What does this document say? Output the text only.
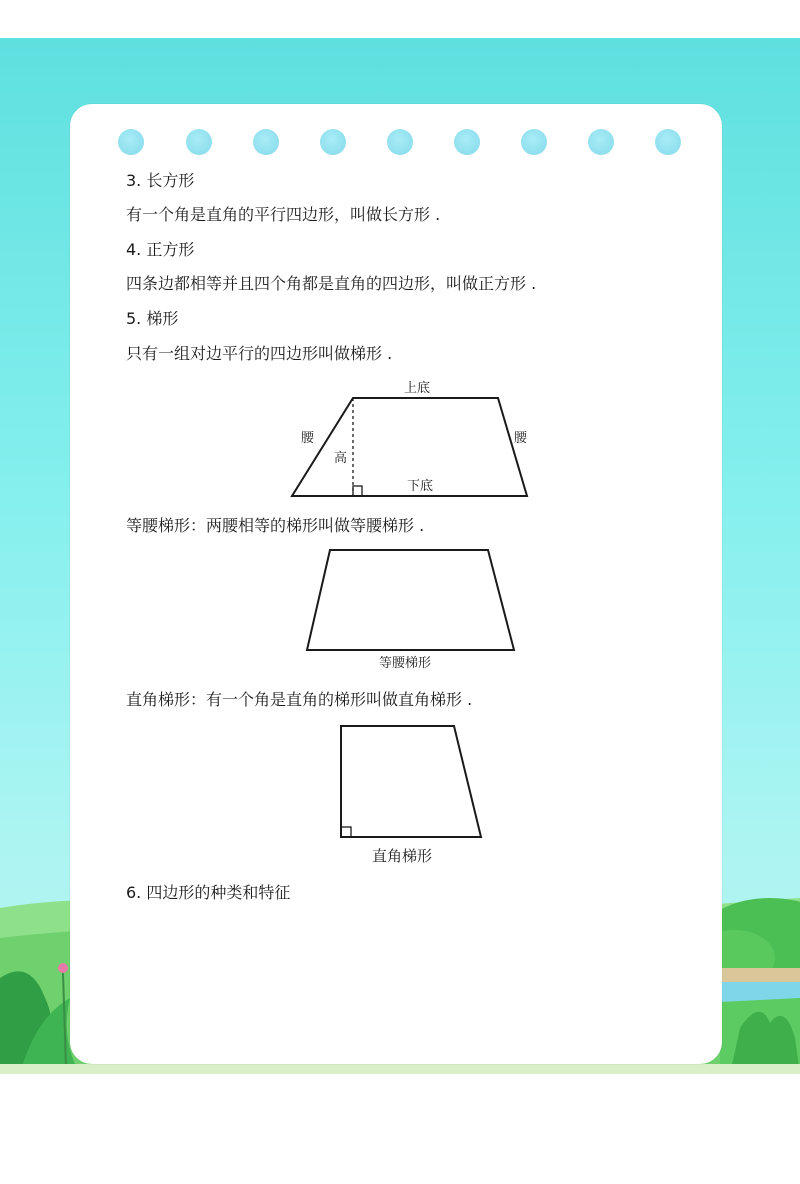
3. 长方形
有一个角是直角的平行四边形，叫做长方形 .
4. 正方形
四条边都相等并且四个角都是直角的四边形，叫做正方形 .
5. 梯形
只有一组对边平行的四边形叫做梯形 .
上底
下底
腰	腰
高
等腰梯形：两腰相等的梯形叫做等腰梯形 .
等腰梯形
直角梯形：有一个角是直角的梯形叫做直角梯形 .
直角梯形
6. 四边形的种类和特征
